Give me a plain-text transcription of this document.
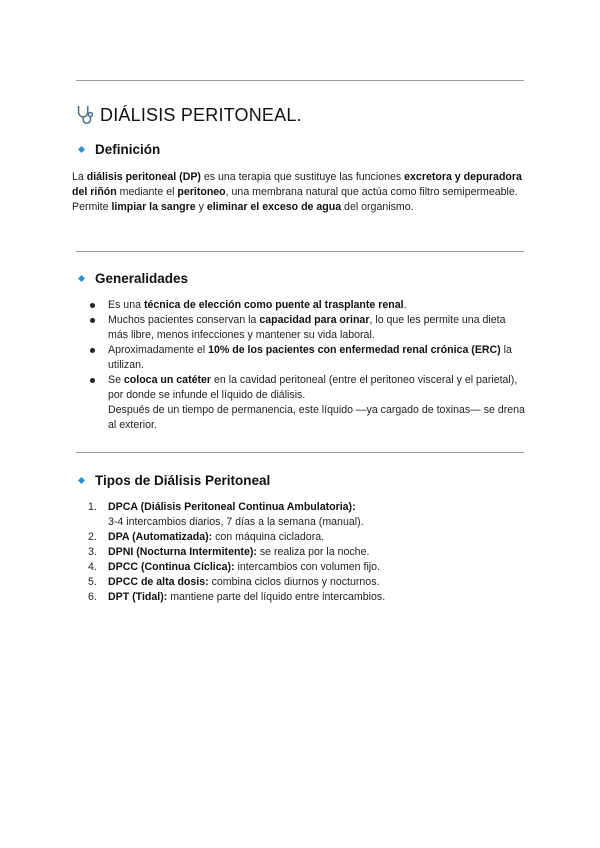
DIÁLISIS PERITONEAL.
Definición

La diálisis peritoneal (DP) es una terapia que sustituye las funciones excretora y depuradora del riñón mediante el peritoneo, una membrana natural que actúa como filtro semipermeable.

Permite limpiar la sangre y eliminar el exceso de agua del organismo.

Generalidades
Es una técnica de elección como puente al trasplante renal.
Muchos pacientes conservan la capacidad para orinar, lo que les permite una dieta más libre, menos infecciones y mantener su vida laboral.
Aproximadamente el 10% de los pacientes con enfermedad renal crónica (ERC) la utilizan.
Se coloca un catéter en la cavidad peritoneal (entre el peritoneo visceral y el parietal), por donde se infunde el líquido de diálisis.
Después de un tiempo de permanencia, este líquido —ya cargado de toxinas— se drena al exterior.
Tipos de Diálisis Peritoneal
1. DPCA (Diálisis Peritoneal Continua Ambulatoria):
3-4 intercambios diarios, 7 días a la semana (manual).
2. DPA (Automatizada): con máquina cicladora.
3. DPNI (Nocturna Intermitente): se realiza por la noche.
4. DPCC (Continua Cíclica): intercambios con volumen fijo.
5. DPCC de alta dosis: combina ciclos diurnos y nocturnos.
6. DPT (Tidal): mantiene parte del líquido entre intercambios.
